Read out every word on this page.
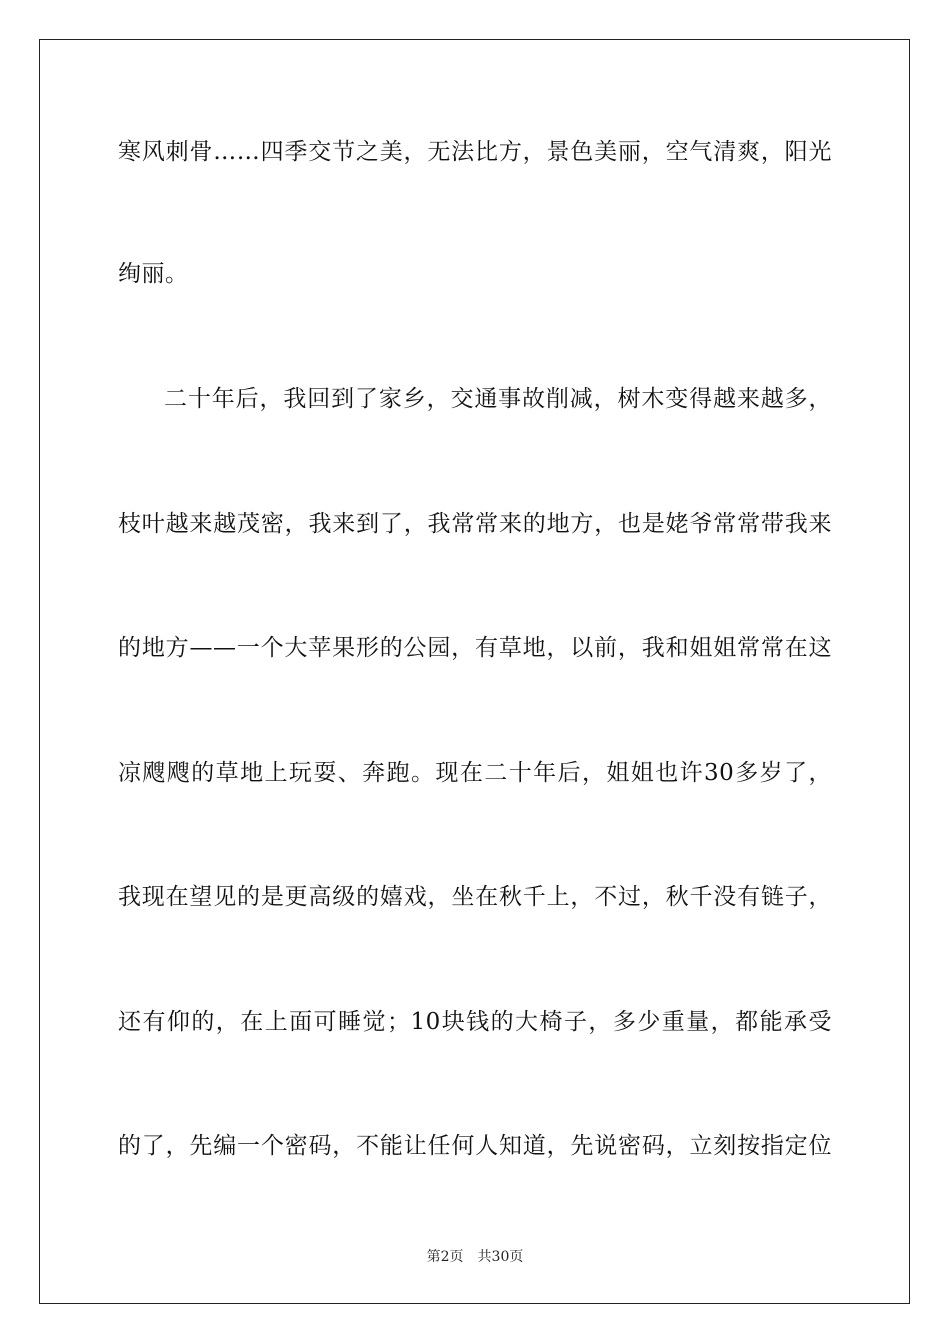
寒风刺骨……四季交节之美，无法比方，景色美丽，空气清爽，阳光
绚丽。
二十年后，我回到了家乡，交通事故削减，树木变得越来越多，
枝叶越来越茂密，我来到了，我常常来的地方，也是姥爷常常带我来
的地方——一个大苹果形的公园，有草地，以前，我和姐姐常常在这
凉飕飕的草地上玩耍、奔跑。现在二十年后，姐姐也许30多岁了，
我现在望见的是更高级的嬉戏，坐在秋千上，不过，秋千没有链子，
还有仰的，在上面可睡觉；10块钱的大椅子，多少重量，都能承受
的了，先编一个密码，不能让任何人知道，先说密码，立刻按指定位
第2页 共30页
